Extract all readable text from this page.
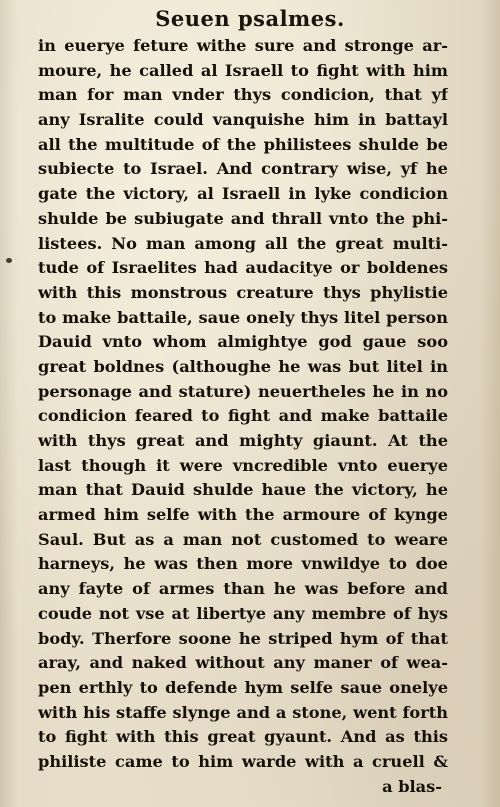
Seuen psalmes.
in euerye feture withe sure and stronge ar-
moure, he called al Israell to fight with him
man for man vnder thys condicion, that yf
any Isralite could vanquishe him in battayl
all the multitude of the philistees shulde be
subiecte to Israel. And contrary wise, yf he
gate the victory, al Israell in lyke condicion
shulde be subiugate and thrall vnto the phi-
listees. No man among all the great multi-
tude of Israelites had audacitye or boldenes
with this monstrous creature thys phylistie
to make battaile, saue onely thys litel person
Dauid vnto whom almightye god gaue soo
great boldnes (althoughe he was but litel in
personage and stature) neuertheles he in no
condicion feared to fight and make battaile
with thys great and mighty giaunt. At the
last though it were vncredible vnto euerye
man that Dauid shulde haue the victory, he
armed him selfe with the armoure of kynge
Saul. But as a man not customed to weare
harneys, he was then more vnwildye to doe
any fayte of armes than he was before and
coude not vse at libertye any membre of hys
body. Therfore soone he striped hym of that
aray, and naked without any maner of wea-
pen erthly to defende hym selfe saue onelye
with his staffe slynge and a stone, went forth
to fight with this great gyaunt. And as this
philiste came to him warde with a cruell &
a blas-
